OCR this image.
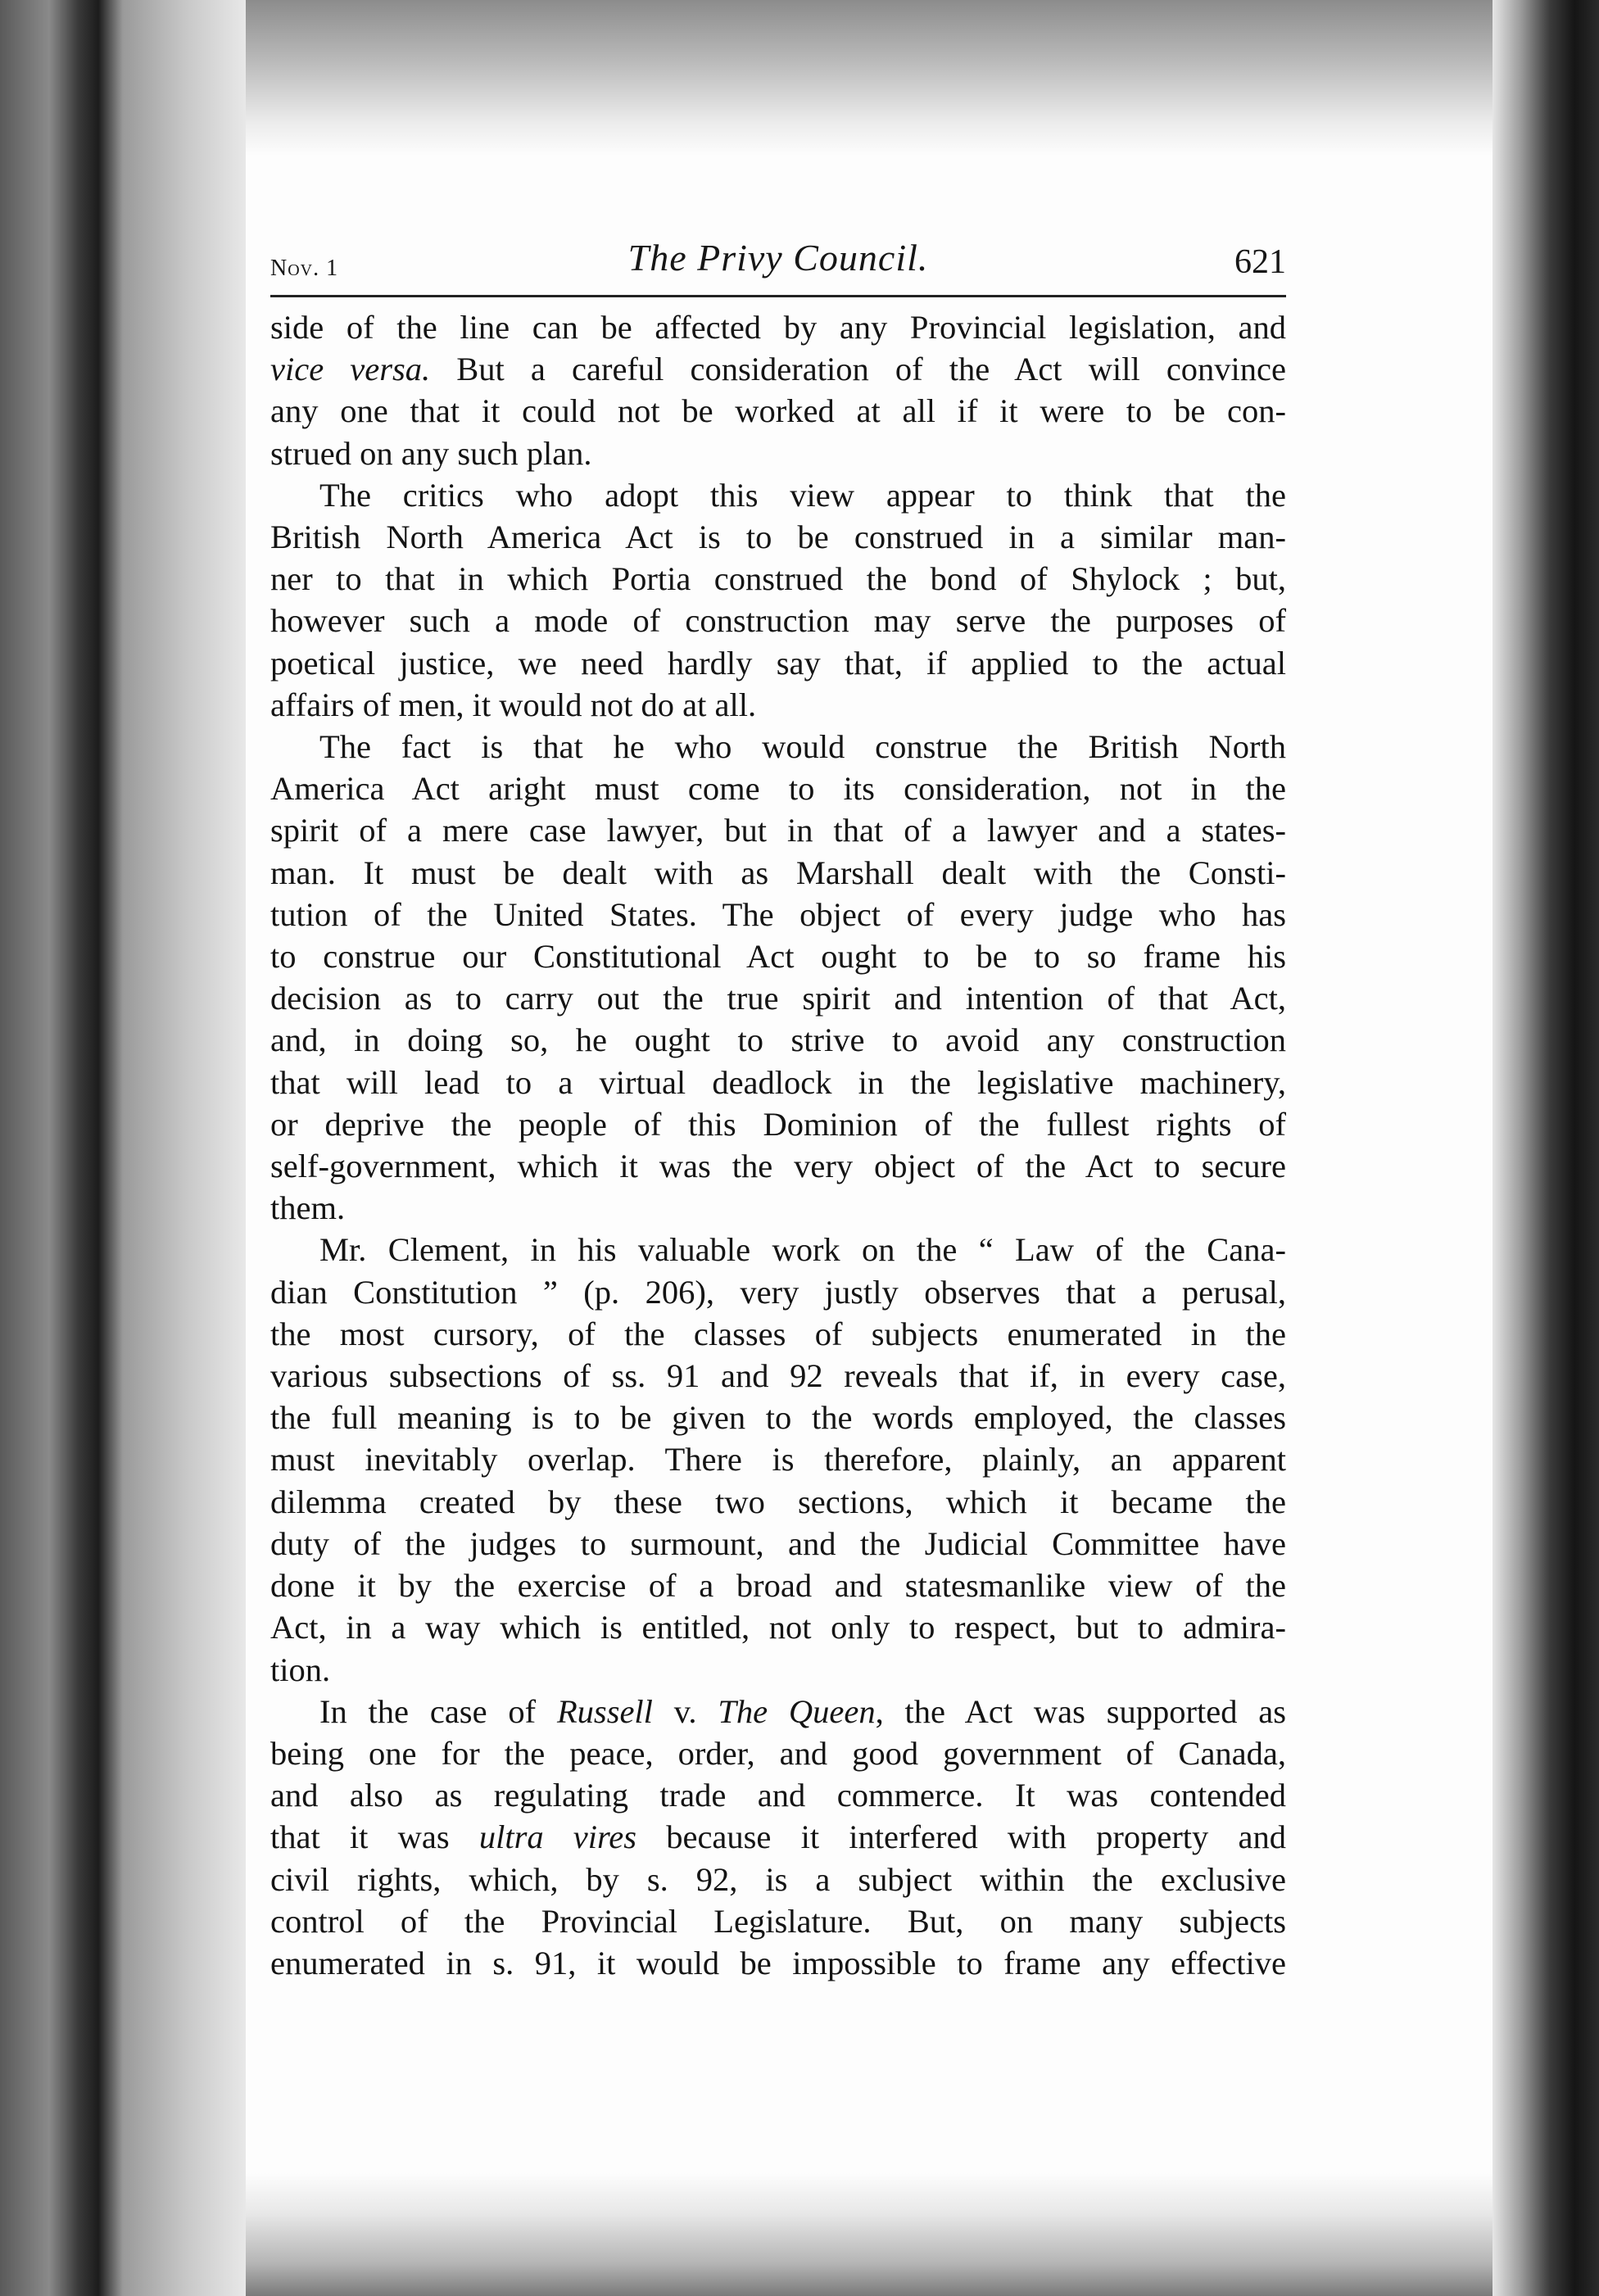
Nov. 1	The Privy Council.	621
side of the line can be affected by any Provincial legislation, and
vice versa. But a careful consideration of the Act will convince
any one that it could not be worked at all if it were to be con-
strued on any such plan.
The critics who adopt this view appear to think that the
British North America Act is to be construed in a similar man-
ner to that in which Portia construed the bond of Shylock ; but,
however such a mode of construction may serve the purposes of
poetical justice, we need hardly say that, if applied to the actual
affairs of men, it would not do at all.
The fact is that he who would construe the British North
America Act aright must come to its consideration, not in the
spirit of a mere case lawyer, but in that of a lawyer and a states-
man. It must be dealt with as Marshall dealt with the Consti-
tution of the United States. The object of every judge who has
to construe our Constitutional Act ought to be to so frame his
decision as to carry out the true spirit and intention of that Act,
and, in doing so, he ought to strive to avoid any construction
that will lead to a virtual deadlock in the legislative machinery,
or deprive the people of this Dominion of the fullest rights of
self-government, which it was the very object of the Act to secure
them.
Mr. Clement, in his valuable work on the “ Law of the Cana-
dian Constitution ” (p. 206), very justly observes that a perusal,
the most cursory, of the classes of subjects enumerated in the
various subsections of ss. 91 and 92 reveals that if, in every case,
the full meaning is to be given to the words employed, the classes
must inevitably overlap. There is therefore, plainly, an apparent
dilemma created by these two sections, which it became the
duty of the judges to surmount, and the Judicial Committee have
done it by the exercise of a broad and statesmanlike view of the
Act, in a way which is entitled, not only to respect, but to admira-
tion.
In the case of Russell v. The Queen, the Act was supported as
being one for the peace, order, and good government of Canada,
and also as regulating trade and commerce. It was contended
that it was ultra vires because it interfered with property and
civil rights, which, by s. 92, is a subject within the exclusive
control of the Provincial Legislature. But, on many subjects
enumerated in s. 91, it would be impossible to frame any effective
